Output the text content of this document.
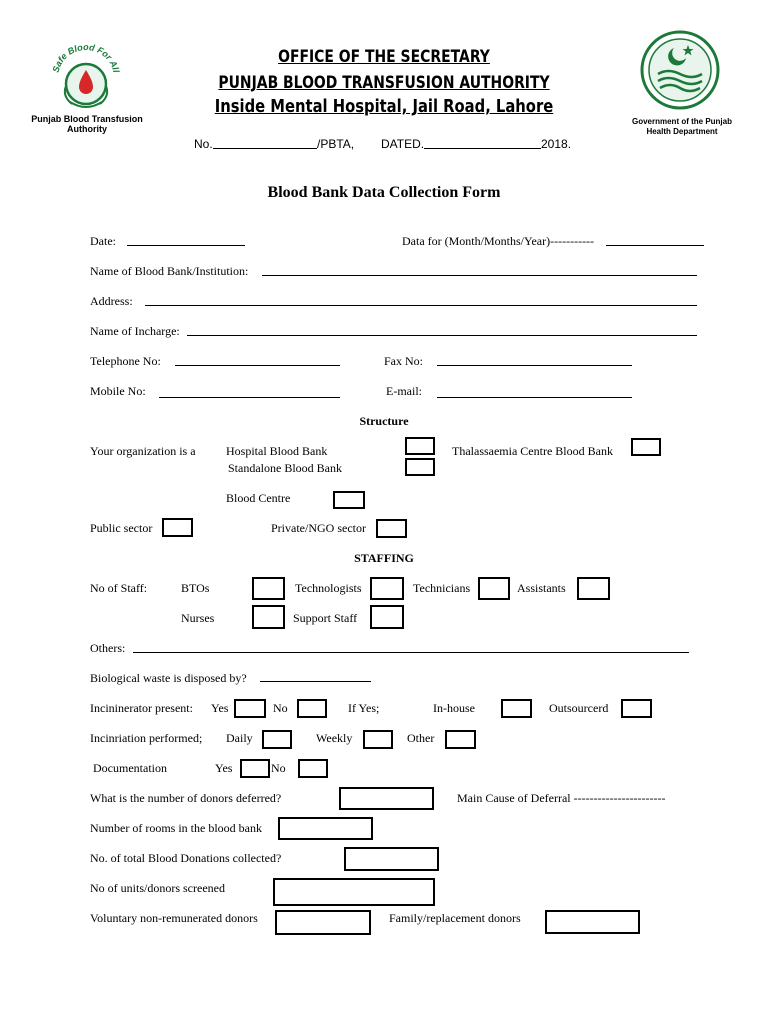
Safe Blood For All
Punjab Blood Transfusion
Authority
Government of the Punjab
Health Department
OFFICE OF THE SECRETARY
PUNJAB BLOOD TRANSFUSION AUTHORITY
Inside Mental Hospital, Jail Road, Lahore
No.	/PBTA, DATED.	2018.
Blood Bank Data Collection Form
Date:	Data for (Month/Months/Year)-----------
Name of Blood Bank/Institution:
Address:
Name of Incharge:
Telephone No:	Fax No:
Mobile No:	E-mail:
Structure
Your organization is a	Hospital Blood Bank	Thalassaemia Centre Blood Bank
Standalone Blood Bank
Blood Centre
Public sector	Private/NGO sector
STAFFING
No of Staff:	BTOs	Technologists	Technicians	Assistants
Nurses	Support Staff
Others:
Biological waste is disposed by?
Incininerator present: Yes	No	If Yes;	In-house	Outsourcerd
Incinriation performed; Daily	Weekly	Other
Documentation	Yes	No
What is the number of donors deferred?	Main Cause of Deferral -----------------------
Number of rooms in the blood bank
No. of total Blood Donations collected?
No of units/donors screened
Voluntary non-remunerated donors	Family/replacement donors
